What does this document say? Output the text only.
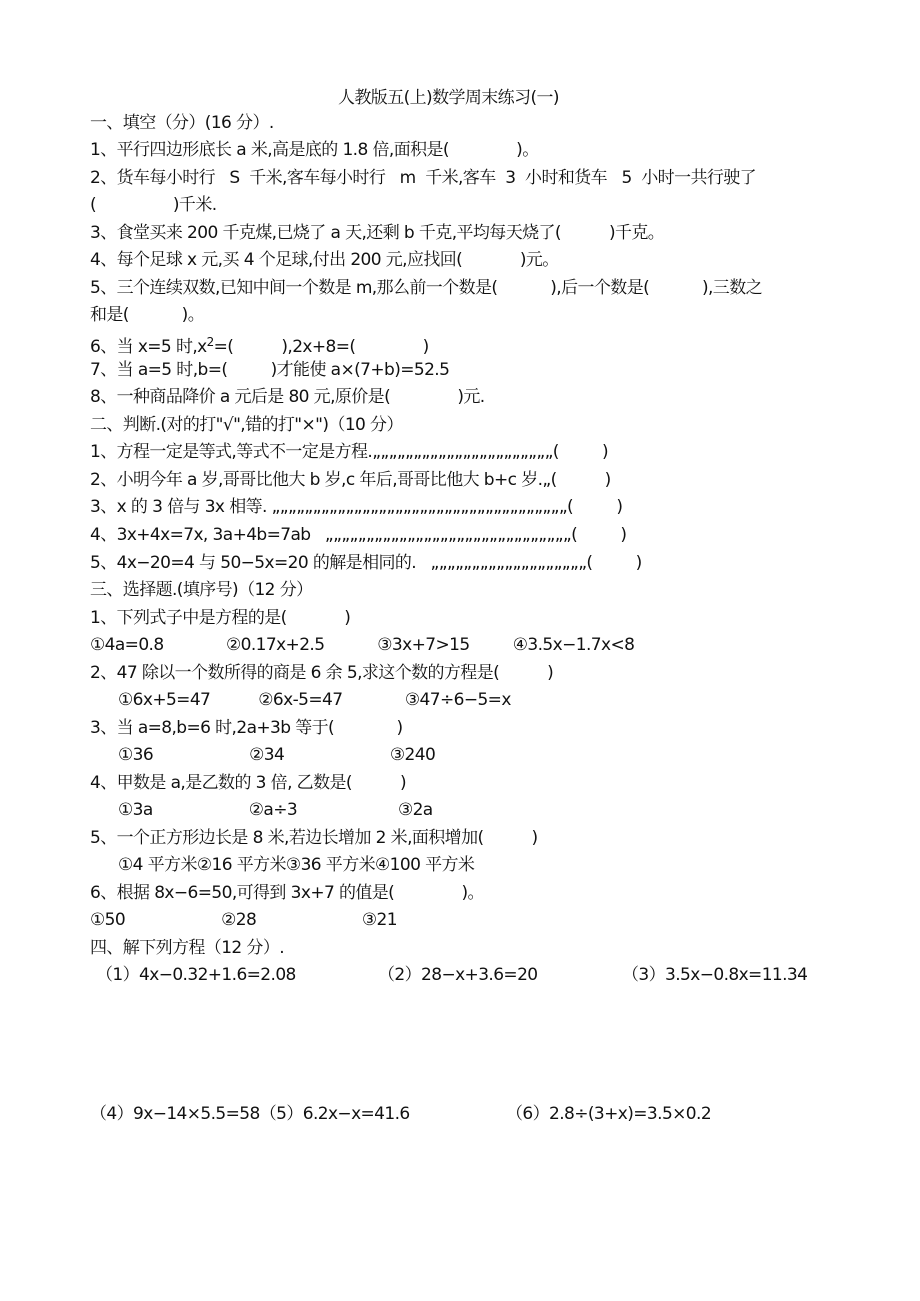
人教版五(上)数学周末练习(一)
一、填空（分）(16 分）.
1、平行四边形底长 a 米,高是底的 1.8 倍,面积是(              )。
2、货车每小时行   S  千米,客车每小时行   m  千米,客车  3  小时和货车   5  小时一共行驶了
(                )千米.
3、食堂买来 200 千克煤,已烧了 a 天,还剩 b 千克,平均每天烧了(          )千克。
4、每个足球 x 元,买 4 个足球,付出 200 元,应找回(            )元。
5、三个连续双数,已知中间一个数是 m,那么前一个数是(           ),后一个数是(           ),三数之
和是(           )。
6、当 x=5 时$,x^2=$(          ),2x+8=(              )
7、当 a=5 时,b=(         )才能使 a×(7+b)=52.5
8、一种商品降价 a 元后是 80 元,原价是(              )元.
二、判断.(对的打"√",错的打"×")（10 分）
1、方程一定是等式,等式不一定是方程.„„„„„„„„„„„„„„„„„„„„„„(         )
2、小明今年 a 岁,哥哥比他大 b 岁,c 年后,哥哥比他大 b+c 岁.„(          )
3、x 的 3 倍与 3x 相等. „„„„„„„„„„„„„„„„„„„„„„„„„„„„„„„„„„„„(         )
4、3x+4x=7x, 3a+4b=7ab   „„„„„„„„„„„„„„„„„„„„„„„„„„„„„„(         )
5、4x−20=4 与 50−5x=20 的解是相同的.   „„„„„„„„„„„„„„„„„„„(         )
三、选择题.(填序号)（12 分）
1、下列式子中是方程的是(            )
①4a=0.8             ②0.17x+2.5           ③3x+7>15         ④3.5x−1.7x<8
2、47 除以一个数所得的商是 6 余 5,求这个数的方程是(          )
①6x+5=47          ②6x-5=47             ③47÷6−5=x
3、当 a=8,b=6 时,2a+3b 等于(             )
①36                    ②34                      ③240
4、甲数是 a,是乙数的 3 倍, 乙数是(          )
①3a                    ②a÷3                     ③2a
5、一个正方形边长是 8 米,若边长增加 2 米,面积增加(          )
①4 平方米②16 平方米③36 平方米④100 平方米
6、根据 8x−6=50,可得到 3x+7 的值是(              )。
①50                    ②28                      ③21
四、解下列方程（12 分）.
（1）4x−0.32+1.6=2.08	（2）28−x+3.6=20	（3）3.5x−0.8x=11.34
（4）9x−14×5.5=58（5）6.2x−x=41.6	（6）2.8÷(3+x)=3.5×0.2
